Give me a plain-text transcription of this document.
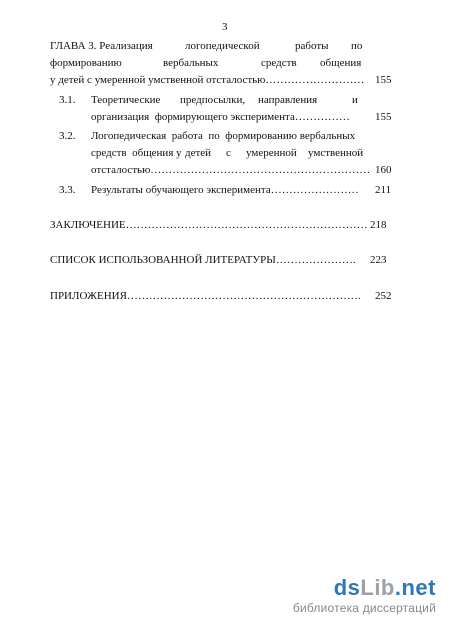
3
ГЛАВА 3. Реализация	логопедической	работы по
формированию	вербальных	средств общения
у детей с умеренной умственной отсталостью……………………… 155
3.1. Теоретические предпосылки, направления	и
организация  формирующего эксперимента…………… 155
3.2. Логопедическая  работа  по  формированию вербальных
средств  общения у детей с умеренной умственной
отсталостью…………………………………………………… 160
3.3. Результаты обучающего эксперимента…………………… 211
ЗАКЛЮЧЕНИЕ………………………………………………………… 218
СПИСОК ИСПОЛЬЗОВАННОЙ ЛИТЕРАТУРЫ…………………. 223
ПРИЛОЖЕНИЯ………………………………………………………. 252
dsLib.net
библиотека диссертаций
